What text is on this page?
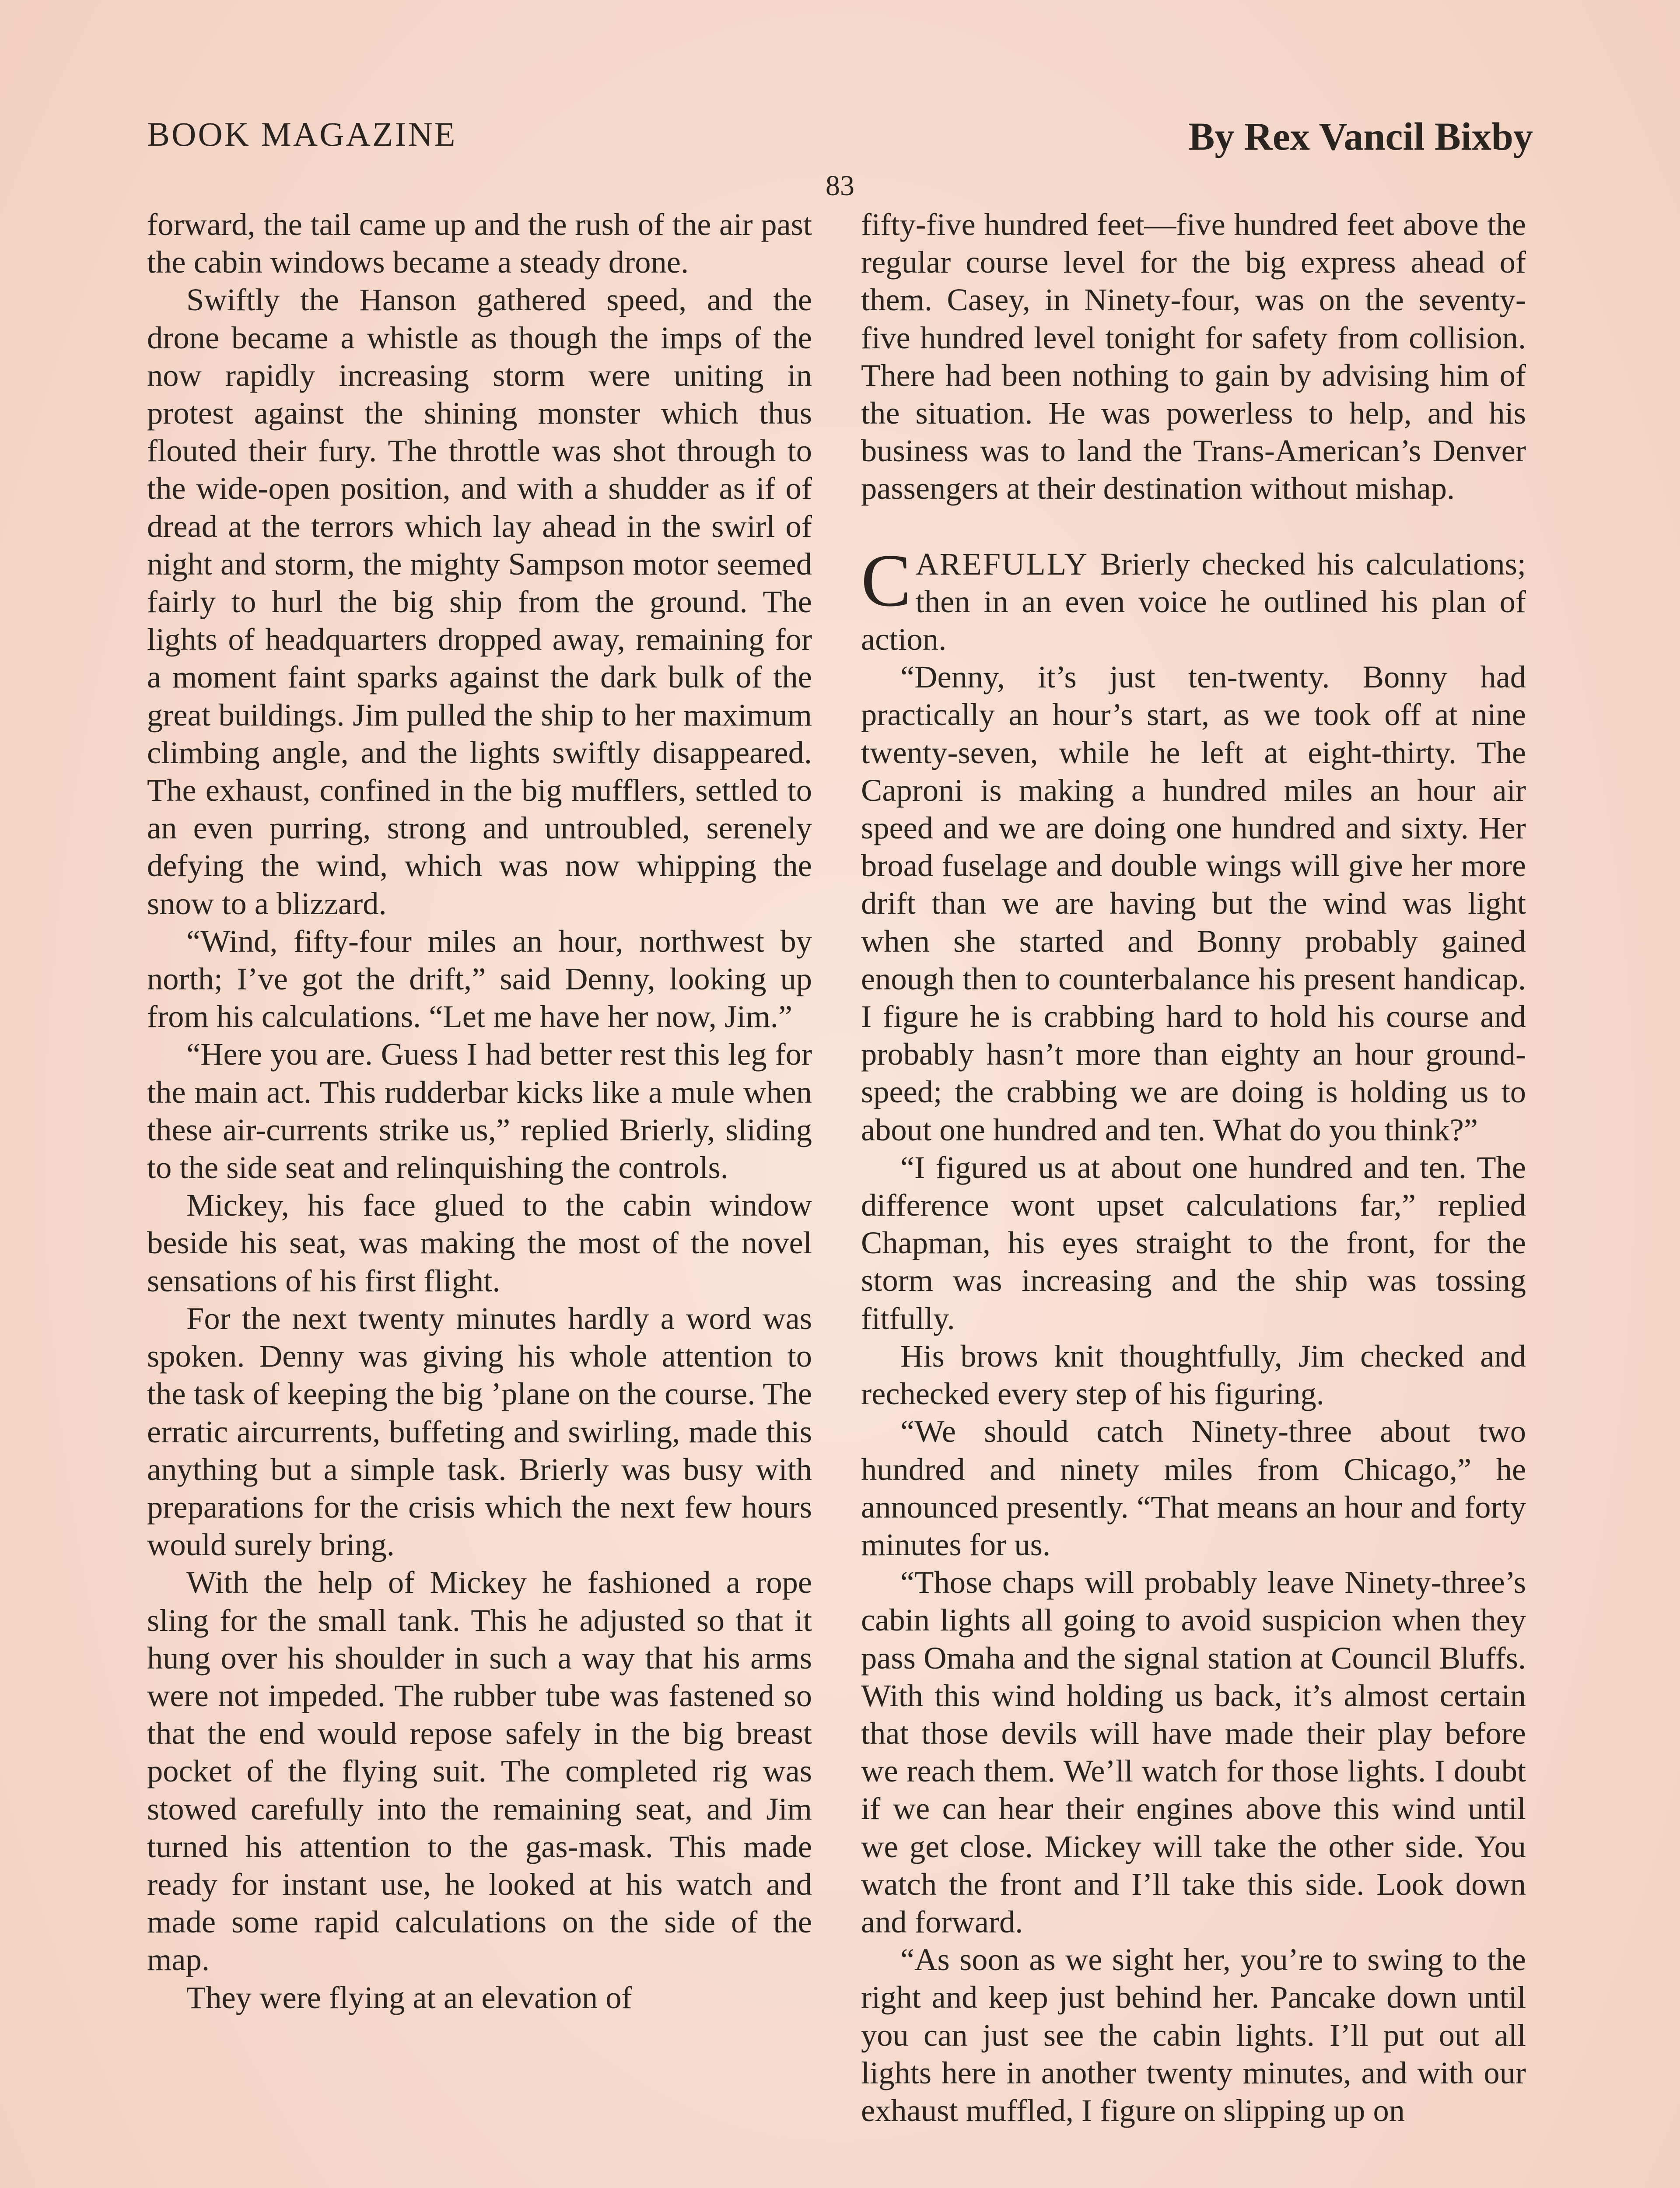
BOOK MAGAZINE	By Rex Vancil Bixby
83

forward, the tail came up and the rush of the air past the cabin windows became a steady drone.

Swiftly the Hanson gathered speed, and the drone became a whistle as though the imps of the now rapidly increasing storm were uniting in protest against the shining monster which thus flouted their fury. The throttle was shot through to the wide-open position, and with a shudder as if of dread at the terrors which lay ahead in the swirl of night and storm, the mighty Sampson motor seemed fairly to hurl the big ship from the ground. The lights of headquarters dropped away, remaining for a moment faint sparks against the dark bulk of the great buildings. Jim pulled the ship to her maximum climbing angle, and the lights swiftly disappeared. The exhaust, confined in the big mufflers, settled to an even purring, strong and untroubled, serenely defying the wind, which was now whipping the snow to a blizzard.

“Wind, fifty-four miles an hour, northwest by north; I’ve got the drift,” said Denny, looking up from his calculations. “Let me have her now, Jim.”

“Here you are. Guess I had better rest this leg for the main act. This rudderbar kicks like a mule when these air-currents strike us,” replied Brierly, sliding to the side seat and relinquishing the controls.

Mickey, his face glued to the cabin window beside his seat, was making the most of the novel sensations of his first flight.

For the next twenty minutes hardly a word was spoken. Denny was giving his whole attention to the task of keeping the big ’plane on the course. The erratic aircurrents, buffeting and swirling, made this anything but a simple task. Brierly was busy with preparations for the crisis which the next few hours would surely bring.

With the help of Mickey he fashioned a rope sling for the small tank. This he adjusted so that it hung over his shoulder in such a way that his arms were not impeded. The rubber tube was fastened so that the end would repose safely in the big breast pocket of the flying suit. The completed rig was stowed carefully into the remaining seat, and Jim turned his attention to the gas-mask. This made ready for instant use, he looked at his watch and made some rapid calculations on the side of the map.

They were flying at an elevation of

fifty-five hundred feet—five hundred feet above the regular course level for the big express ahead of them. Casey, in Ninety-four, was on the seventy-five hundred level tonight for safety from collision. There had been nothing to gain by advising him of the situation. He was powerless to help, and his business was to land the Trans-American’s Denver passengers at their destination without mishap.

CAREFULLY Brierly checked his calculations; then in an even voice he outlined his plan of action.

“Denny, it’s just ten-twenty. Bonny had practically an hour’s start, as we took off at nine twenty-seven, while he left at eight-thirty. The Caproni is making a hundred miles an hour air speed and we are doing one hundred and sixty. Her broad fuselage and double wings will give her more drift than we are having but the wind was light when she started and Bonny probably gained enough then to counterbalance his present handicap. I figure he is crabbing hard to hold his course and probably hasn’t more than eighty an hour ground-speed; the crabbing we are doing is holding us to about one hundred and ten. What do you think?”

“I figured us at about one hundred and ten. The difference wont upset calculations far,” replied Chapman, his eyes straight to the front, for the storm was increasing and the ship was tossing fitfully.

His brows knit thoughtfully, Jim checked and rechecked every step of his figuring.

“We should catch Ninety-three about two hundred and ninety miles from Chicago,” he announced presently. “That means an hour and forty minutes for us.

“Those chaps will probably leave Ninety-three’s cabin lights all going to avoid suspicion when they pass Omaha and the signal station at Council Bluffs. With this wind holding us back, it’s almost certain that those devils will have made their play before we reach them. We’ll watch for those lights. I doubt if we can hear their engines above this wind until we get close. Mickey will take the other side. You watch the front and I’ll take this side. Look down and forward.

“As soon as we sight her, you’re to swing to the right and keep just behind her. Pancake down until you can just see the cabin lights. I’ll put out all lights here in another twenty minutes, and with our exhaust muffled, I figure on slipping up on
